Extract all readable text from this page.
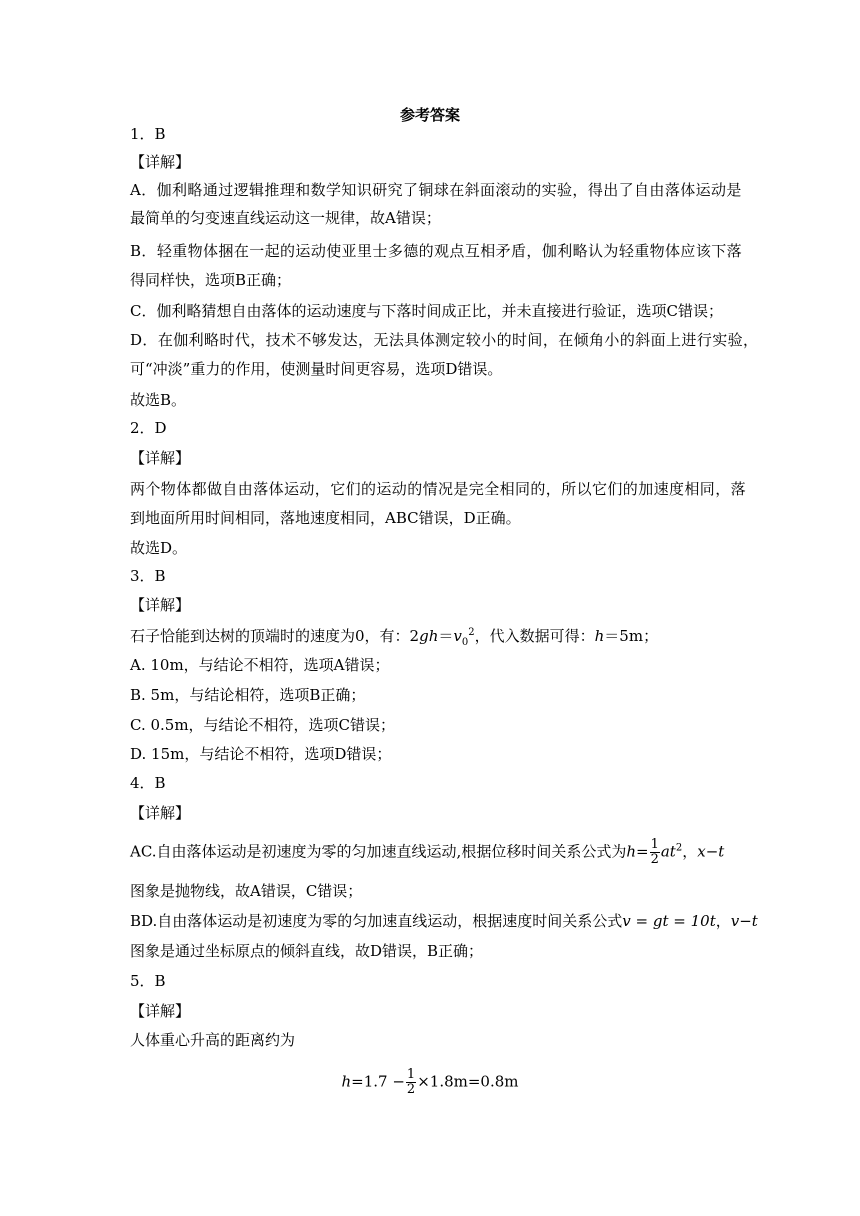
参考答案
1．B
【详解】
A．伽利略通过逻辑推理和数学知识研究了铜球在斜面滚动的实验，得出了自由落体运动是
最简单的匀变速直线运动这一规律，故A错误；
B．轻重物体捆在一起的运动使亚里士多德的观点互相矛盾，伽利略认为轻重物体应该下落
得同样快，选项B正确；
C．伽利略猜想自由落体的运动速度与下落时间成正比，并未直接进行验证，选项C错误；
D．在伽利略时代，技术不够发达，无法具体测定较小的时间，在倾角小的斜面上进行实验，
可“冲淡”重力的作用，使测量时间更容易，选项D错误。
故选B。
2．D
【详解】
两个物体都做自由落体运动，它们的运动的情况是完全相同的，所以它们的加速度相同，落
到地面所用时间相同，落地速度相同，ABC错误，D正确。
故选D。
3．B
【详解】
石子恰能到达树的顶端时的速度为0，有：$2gh=v_0^2$，代入数据可得：h＝5m；
A. 10m，与结论不相符，选项A错误；
B. 5m，与结论相符，选项B正确；
C. 0.5m，与结论不相符，选项C错误；
D. 15m，与结论不相符，选项D错误；
4．B
【详解】
AC.自由落体运动是初速度为零的匀加速直线运动,根据位移时间关系公式为$h= \frac{1}{2} at^2$，x−t
图象是抛物线，故A错误，C错误；
BD.自由落体运动是初速度为零的匀加速直线运动，根据速度时间关系公式v = gt = 10t，v−t
图象是通过坐标原点的倾斜直线，故D错误，B正确；
5．B
【详解】
人体重心升高的距离约为
$h=1.7 - \frac{1}{2} \times 1.8m=0.8m$
